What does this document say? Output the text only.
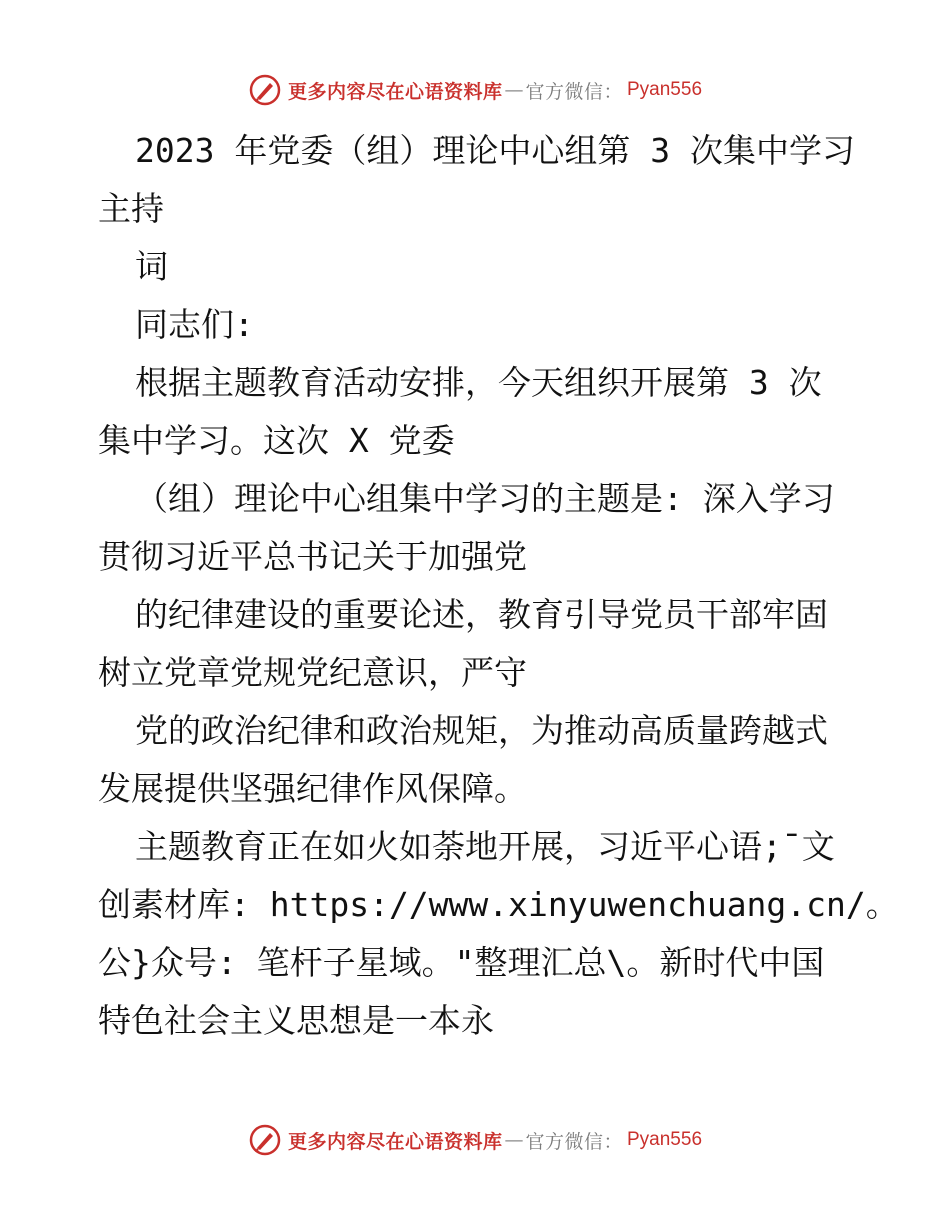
更多内容尽在心语资料库 — 官方微信： Pyan556
2023 年党委（组）理论中心组第 3 次集中学习
主持
词
同志们:
根据主题教育活动安排，今天组织开展第 3 次
集中学习。这次 X 党委
（组）理论中心组集中学习的主题是: 深入学习
贯彻习近平总书记关于加强党
的纪律建设的重要论述，教育引导党员干部牢固
树立党章党规党纪意识，严守
党的政治纪律和政治规矩，为推动高质量跨越式
发展提供坚强纪律作风保障。
主题教育正在如火如荼地开展，习近平心语;¯文
创素材库: https://www.xinyuwenchuang.cn/。
公}众号: 笔杆子星域。"整理汇总\。新时代中国
特色社会主义思想是一本永
更多内容尽在心语资料库 — 官方微信： Pyan556
